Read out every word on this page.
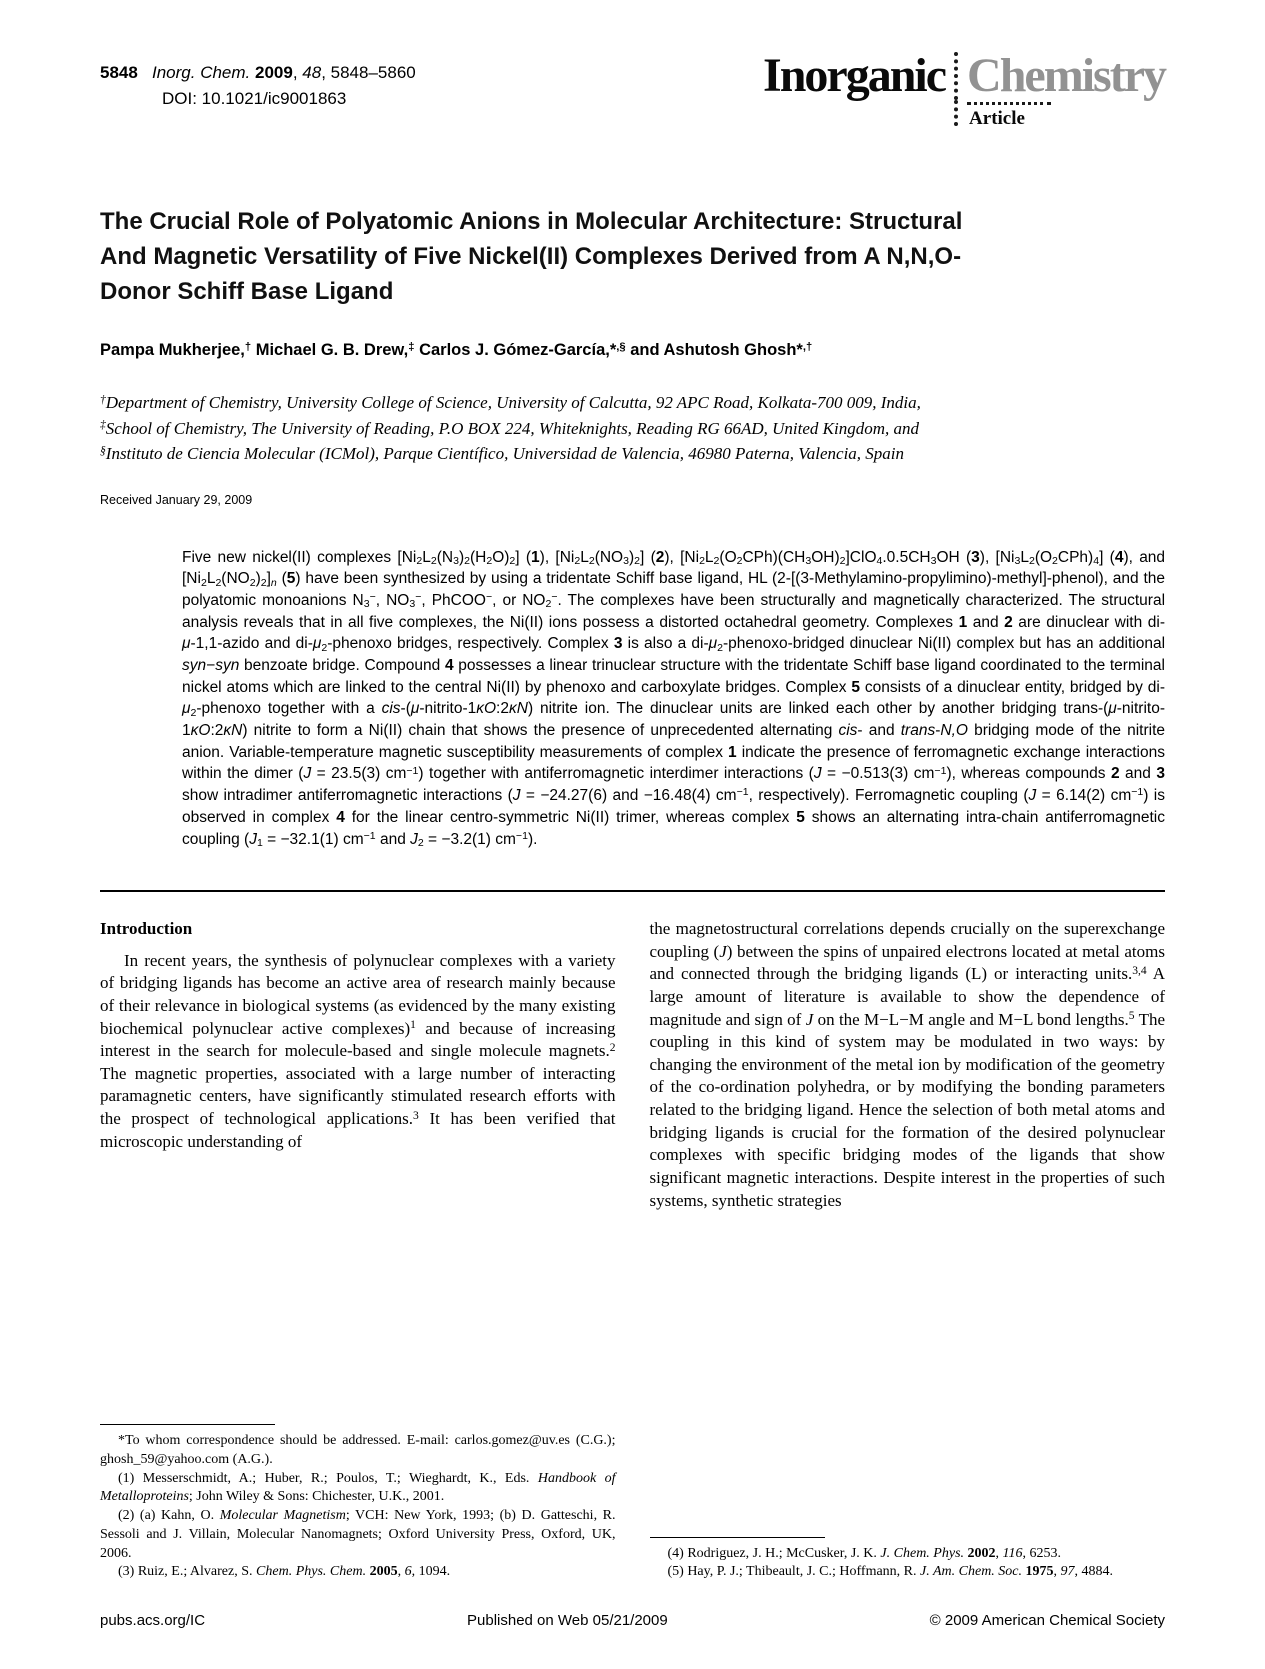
5848 Inorg. Chem. 2009, 48, 5848–5860
DOI: 10.1021/ic9001863	Inorganic Chemistry
Article
The Crucial Role of Polyatomic Anions in Molecular Architecture: Structural And Magnetic Versatility of Five Nickel(II) Complexes Derived from A N,N,O-Donor Schiff Base Ligand
Pampa Mukherjee,† Michael G. B. Drew,‡ Carlos J. Gómez-García,*,§ and Ashutosh Ghosh*,†
†Department of Chemistry, University College of Science, University of Calcutta, 92 APC Road, Kolkata-700 009, India, ‡School of Chemistry, The University of Reading, P.O BOX 224, Whiteknights, Reading RG 66AD, United Kingdom, and §Instituto de Ciencia Molecular (ICMol), Parque Científico, Universidad de Valencia, 46980 Paterna, Valencia, Spain
Received January 29, 2009
Five new nickel(II) complexes $[Ni_2L_2(N_3)_2(H_2O)_2]$ (1), $[Ni_2L_2(NO_3)_2]$ (2), $[Ni_2L_2(O_2CPh)(CH_3OH)_2]ClO_4.0.5CH_3OH$ (3), $[Ni_3L_2(O_2CPh)_4]$ (4), and $[Ni_2L_2(NO_2)_2]_n$ (5) have been synthesized by using a tridentate Schiff base ligand, HL (2-[(3-Methylamino-propylimino)-methyl]-phenol), and the polyatomic monoanions $N_3^-$, $NO_3^-$, PhCOO−, or $NO_2^-$. The complexes have been structurally and magnetically characterized. The structural analysis reveals that in all five complexes, the Ni(II) ions possess a distorted octahedral geometry. Complexes 1 and 2 are dinuclear with di-μ-1,1-azido and $di-\mu_2$-phenoxo bridges, respectively. Complex 3 is also a $di-\mu_2-phenoxo$-bridged dinuclear Ni(II) complex but has an additional syn−syn benzoate bridge. Compound 4 possesses a linear trinuclear structure with the tridentate Schiff base ligand coordinated to the terminal nickel atoms which are linked to the central Ni(II) by phenoxo and carboxylate bridges. Complex 5 consists of a dinuclear entity, bridged by $di-\mu_2$-phenoxo together with a cis-(μ-nitrito-1κO:2κN) nitrite ion. The dinuclear units are linked each other by another bridging trans-(μ-nitrito-1κO:2κN) nitrite to form a Ni(II) chain that shows the presence of unprecedented alternating cis- and trans-N,O bridging mode of the nitrite anion. Variable-temperature magnetic susceptibility measurements of complex 1 indicate the presence of ferromagnetic exchange interactions within the dimer (J = 23.5(3) $cm^{-1}$) together with antiferromagnetic interdimer interactions (J = −0.513(3) $cm^{-1}$), whereas compounds 2 and 3 show intradimer antiferromagnetic interactions (J = −24.27(6) and −16.48(4) $cm^{-1}$, respectively). Ferromagnetic coupling (J = 6.14(2) $cm^{-1}$) is observed in complex 4 for the linear centro-symmetric Ni(II) trimer, whereas complex 5 shows an alternating intra-chain antiferromagnetic coupling ($J_1 = -32.1(1)$ $cm^{-1}$ and $J_2 = -3.2(1)$ $cm^{-1}$).
Introduction

In recent years, the synthesis of polynuclear complexes with a variety of bridging ligands has become an active area of research mainly because of their relevance in biological systems (as evidenced by the many existing biochemical polynuclear active complexes)$^1$ and because of increasing interest in the search for molecule-based and single molecule magnets.$^2$ The magnetic properties, associated with a large number of interacting paramagnetic centers, have significantly stimulated research efforts with the prospect of technological applications.$^3$ It has been verified that microscopic understanding of

*To whom correspondence should be addressed. E-mail: carlos.gomez@uv.es (C.G.); ghosh_59@yahoo.com (A.G.).

(1) Messerschmidt, A.; Huber, R.; Poulos, T.; Wieghardt, K., Eds. Handbook of Metalloproteins; John Wiley & Sons: Chichester, U.K., 2001.

(2) (a) Kahn, O. Molecular Magnetism; VCH: New York, 1993; (b) D. Gatteschi, R. Sessoli and J. Villain, Molecular Nanomagnets; Oxford University Press, Oxford, UK, 2006.

(3) Ruiz, E.; Alvarez, S. Chem. Phys. Chem. 2005, 6, 1094.

the magnetostructural correlations depends crucially on the superexchange coupling (J) between the spins of unpaired electrons located at metal atoms and connected through the bridging ligands (L) or interacting units.$^{3,4}$ A large amount of literature is available to show the dependence of magnitude and sign of J on the M−L−M angle and M−L bond lengths.$^5$ The coupling in this kind of system may be modulated in two ways: by changing the environment of the metal ion by modification of the geometry of the co-ordination polyhedra, or by modifying the bonding parameters related to the bridging ligand. Hence the selection of both metal atoms and bridging ligands is crucial for the formation of the desired polynuclear complexes with specific bridging modes of the ligands that show significant magnetic interactions. Despite interest in the properties of such systems, synthetic strategies

(4) Rodriguez, J. H.; McCusker, J. K. J. Chem. Phys. 2002, 116, 6253.

(5) Hay, P. J.; Thibeault, J. C.; Hoffmann, R. J. Am. Chem. Soc. 1975, 97, 4884.

pubs.acs.org/IC	Published on Web 05/21/2009	© 2009 American Chemical Society
